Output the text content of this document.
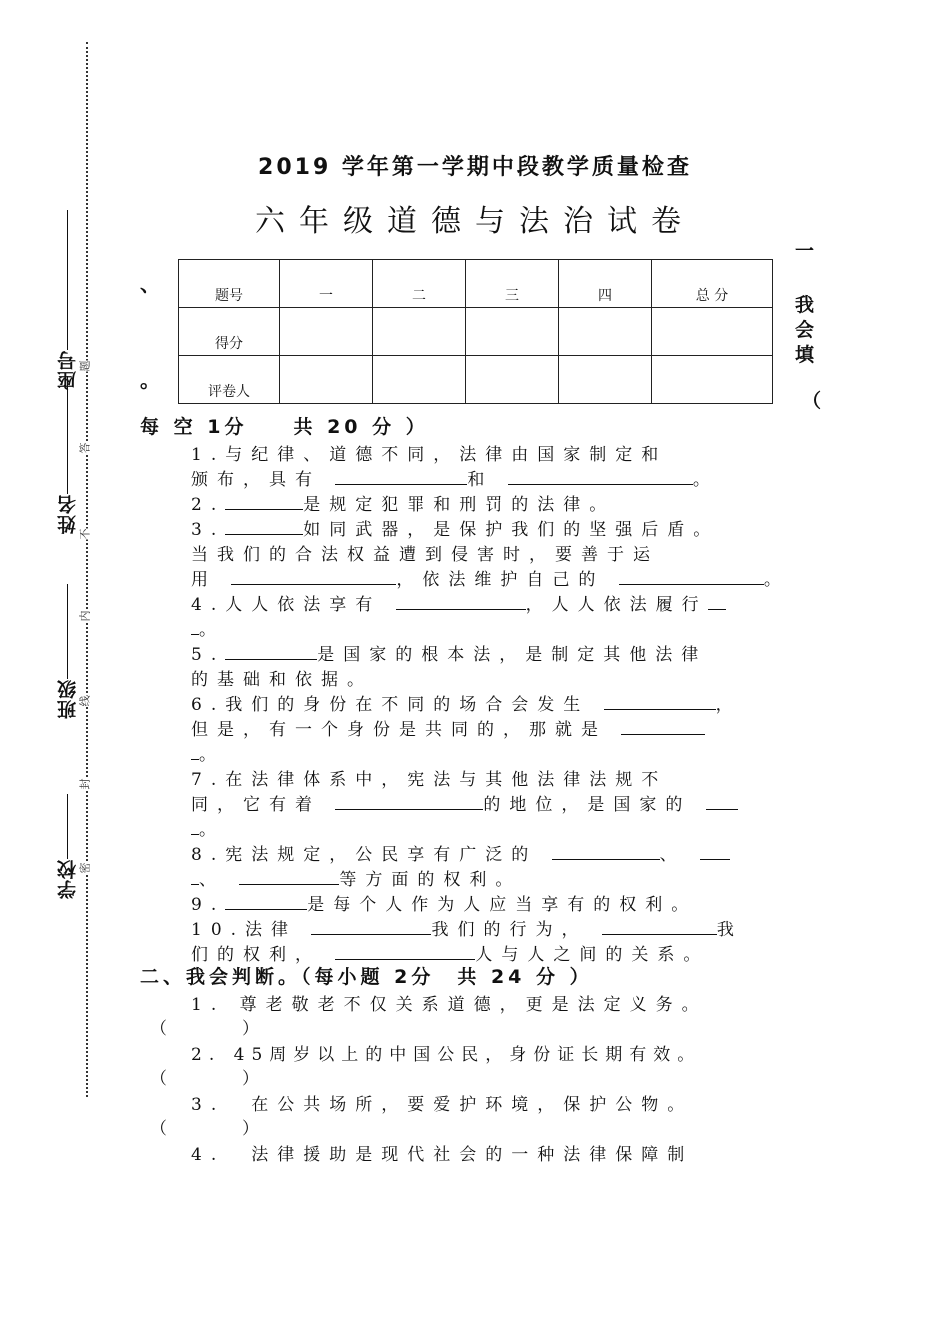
座号
姓名
班级
学校
题
答
不
内
线
封
密
2019 学年第一学期中段教学质量检查
六年级道德与法治试卷
、
。
一
我
会
填
（
题号	一	二	三	四	总 分
得分					
评卷人					
每 空 1分　　共 20 分 ）
1.与纪律、道德不同，法律由国家制定和
颁布，具有	和	。
2.	是规定犯罪和刑罚的法律。
3.	如同武器，是保护我们的坚强后盾。
当我们的合法权益遭到侵害时，要善于运
用	，依法维护自己的	。
4.人人依法享有	，人人依法履行
。
5.	是国家的根本法，是制定其他法律
的基础和依据。
6.我们的身份在不同的场合会发生	，
但是，有一个身份是共同的，那就是
。
7.在法律体系中，宪法与其他法律法规不
同，它有着	的地位，是国家的
。
8.宪法规定，公民享有广泛的	、
、	等方面的权利。
9.	是每个人作为人应当享有的权利。
10.法律	我们的行为，	我
们的权利，	人与人之间的关系。
二、我会判断。（每小题 2分　共 24 分 ）
1. 尊老敬老不仅关系道德，更是法定义务。
（　　　）
2. 45周岁以上的中国公民，身份证长期有效。
（　　　）
3.　在公共场所，要爱护环境，保护公物。
（　　　）
4.　法律援助是现代社会的一种法律保障制
